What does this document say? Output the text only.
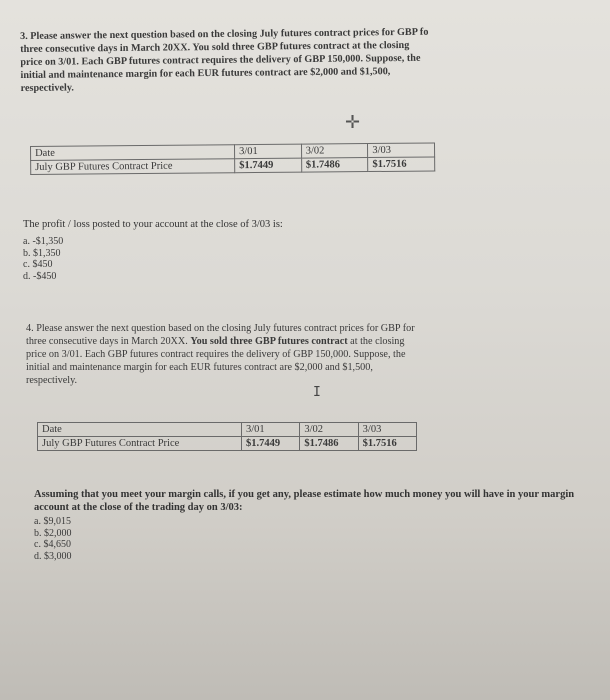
3. Please answer the next question based on the closing July futures contract prices for GBP fo
three consecutive days in March 20XX. You sold three GBP futures contract at the closing
price on 3/01. Each GBP futures contract requires the delivery of GBP 150,000. Suppose, the
initial and maintenance margin for each EUR futures contract are $2,000 and $1,500,
respectively.
✛
Date	3/01	3/02	3/03
July GBP Futures Contract Price	$1.7449	$1.7486	$1.7516
The profit / loss posted to your account at the close of 3/03 is:
a. -$1,350
b. $1,350
c. $450
d. -$450
4. Please answer the next question based on the closing July futures contract prices for GBP for
three consecutive days in March 20XX. You sold three GBP futures contract at the closing
price on 3/01. Each GBP futures contract requires the delivery of GBP 150,000. Suppose, the
initial and maintenance margin for each EUR futures contract are $2,000 and $1,500,
respectively.
I
Date	3/01	3/02	3/03
July GBP Futures Contract Price	$1.7449	$1.7486	$1.7516
Assuming that you meet your margin calls, if you get any, please estimate how much money you will have in your margin account at the close of the trading day on 3/03:
a. $9,015
b. $2,000
c. $4,650
d. $3,000
